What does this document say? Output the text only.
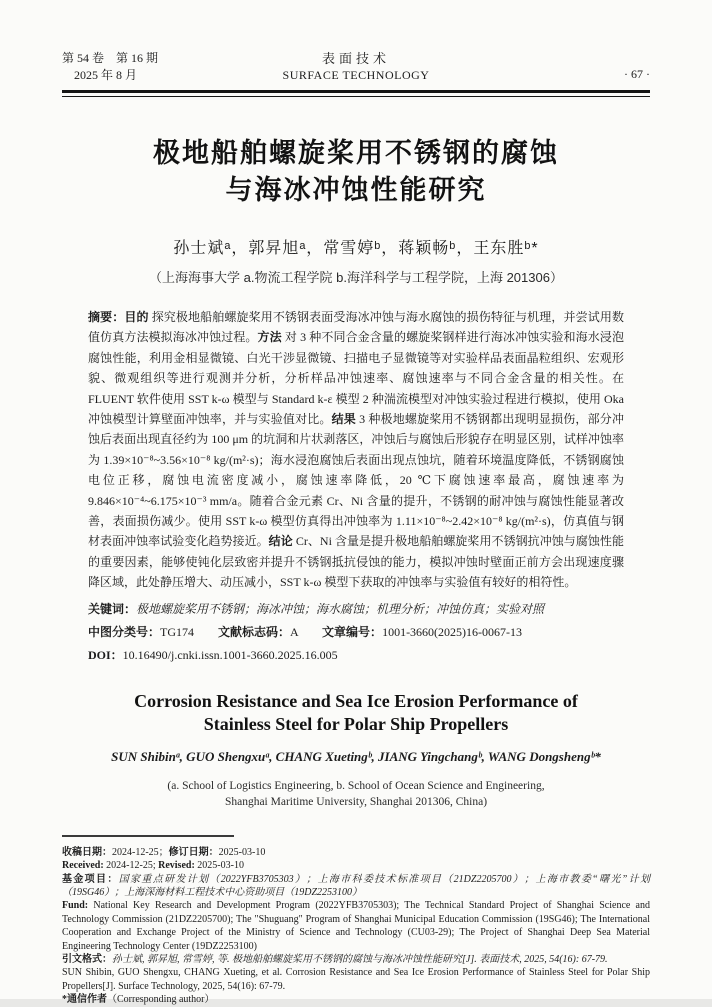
第 54 卷　第 16 期
2025 年 8 月
表面技术
SURFACE TECHNOLOGY	· 67 ·
极地船舶螺旋桨用不锈钢的腐蚀
与海冰冲蚀性能研究
孙士斌ᵃ，郭昇旭ᵃ，常雪婷ᵇ，蒋颖畅ᵇ，王东胜ᵇ*
（上海海事大学 a.物流工程学院 b.海洋科学与工程学院，上海 201306）
摘要：目的 探究极地船舶螺旋桨用不锈钢表面受海冰冲蚀与海水腐蚀的损伤特征与机理，并尝试用数值仿真方法模拟海冰冲蚀过程。方法 对 3 种不同合金含量的螺旋桨钢样进行海冰冲蚀实验和海水浸泡腐蚀性能，利用金相显微镜、白光干涉显微镜、扫描电子显微镜等对实验样品表面晶粒组织、宏观形貌、微观组织等进行观测并分析，分析样品冲蚀速率、腐蚀速率与不同合金含量的相关性。在 FLUENT 软件使用 SST k-ω 模型与 Standard k-ε 模型 2 种湍流模型对冲蚀实验过程进行模拟，使用 Oka 冲蚀模型计算壁面冲蚀率，并与实验值对比。结果 3 种极地螺旋桨用不锈钢都出现明显损伤，部分冲蚀后表面出现直径约为 100 μm 的坑洞和片状剥落区，冲蚀后与腐蚀后形貌存在明显区别，试样冲蚀率为 1.39×10⁻⁸~3.56×10⁻⁸ kg/(m²·s)；海水浸泡腐蚀后表面出现点蚀坑，随着环境温度降低，不锈钢腐蚀电位正移，腐蚀电流密度减小，腐蚀速率降低，20 ℃下腐蚀速率最高，腐蚀速率为 9.846×10⁻⁴~6.175×10⁻³ mm/a。随着合金元素 Cr、Ni 含量的提升，不锈钢的耐冲蚀与腐蚀性能显著改善，表面损伤减少。使用 SST k-ω 模型仿真得出冲蚀率为 1.11×10⁻⁸~2.42×10⁻⁸ kg/(m²·s)，仿真值与钢材表面冲蚀率试验变化趋势接近。结论 Cr、Ni 含量是提升极地船舶螺旋桨用不锈钢抗冲蚀与腐蚀性能的重要因素，能够使钝化层致密并提升不锈钢抵抗侵蚀的能力，模拟冲蚀时壁面正前方会出现速度骤降区域，此处静压增大、动压减小，SST k-ω 模型下获取的冲蚀率与实验值有较好的相符性。
关键词：极地螺旋桨用不锈钢；海冰冲蚀；海水腐蚀；机理分析；冲蚀仿真；实验对照
中图分类号：TG174　　文献标志码：A　　文章编号：1001-3660(2025)16-0067-13
DOI：10.16490/j.cnki.issn.1001-3660.2025.16.005
Corrosion Resistance and Sea Ice Erosion Performance of
Stainless Steel for Polar Ship Propellers
SUN Shibinᵃ, GUO Shengxuᵃ, CHANG Xuetingᵇ, JIANG Yingchangᵇ, WANG Dongshengᵇ*
(a. School of Logistics Engineering, b. School of Ocean Science and Engineering,
Shanghai Maritime University, Shanghai 201306, China)
收稿日期：2024-12-25；修订日期：2025-03-10
Received: 2024-12-25; Revised: 2025-03-10
基金项目：国家重点研发计划（2022YFB3705303）；上海市科委技术标准项目（21DZ2205700）；上海市教委“曙光”计划（19SG46）；上海深海材料工程技术中心资助项目（19DZ2253100）
Fund: National Key Research and Development Program (2022YFB3705303); The Technical Standard Project of Shanghai Science and Technology Commission (21DZ2205700); The "Shuguang" Program of Shanghai Municipal Education Commission (19SG46); The International Cooperation and Exchange Project of the Ministry of Science and Technology (CU03-29); The Project of Shanghai Deep Sea Material Engineering Technology Center (19DZ2253100)
引文格式：孙士斌, 郭昇旭, 常雪婷, 等. 极地船舶螺旋桨用不锈钢的腐蚀与海冰冲蚀性能研究[J]. 表面技术, 2025, 54(16): 67-79.
SUN Shibin, GUO Shengxu, CHANG Xueting, et al. Corrosion Resistance and Sea Ice Erosion Performance of Stainless Steel for Polar Ship Propellers[J]. Surface Technology, 2025, 54(16): 67-79.
*通信作者（Corresponding author）
